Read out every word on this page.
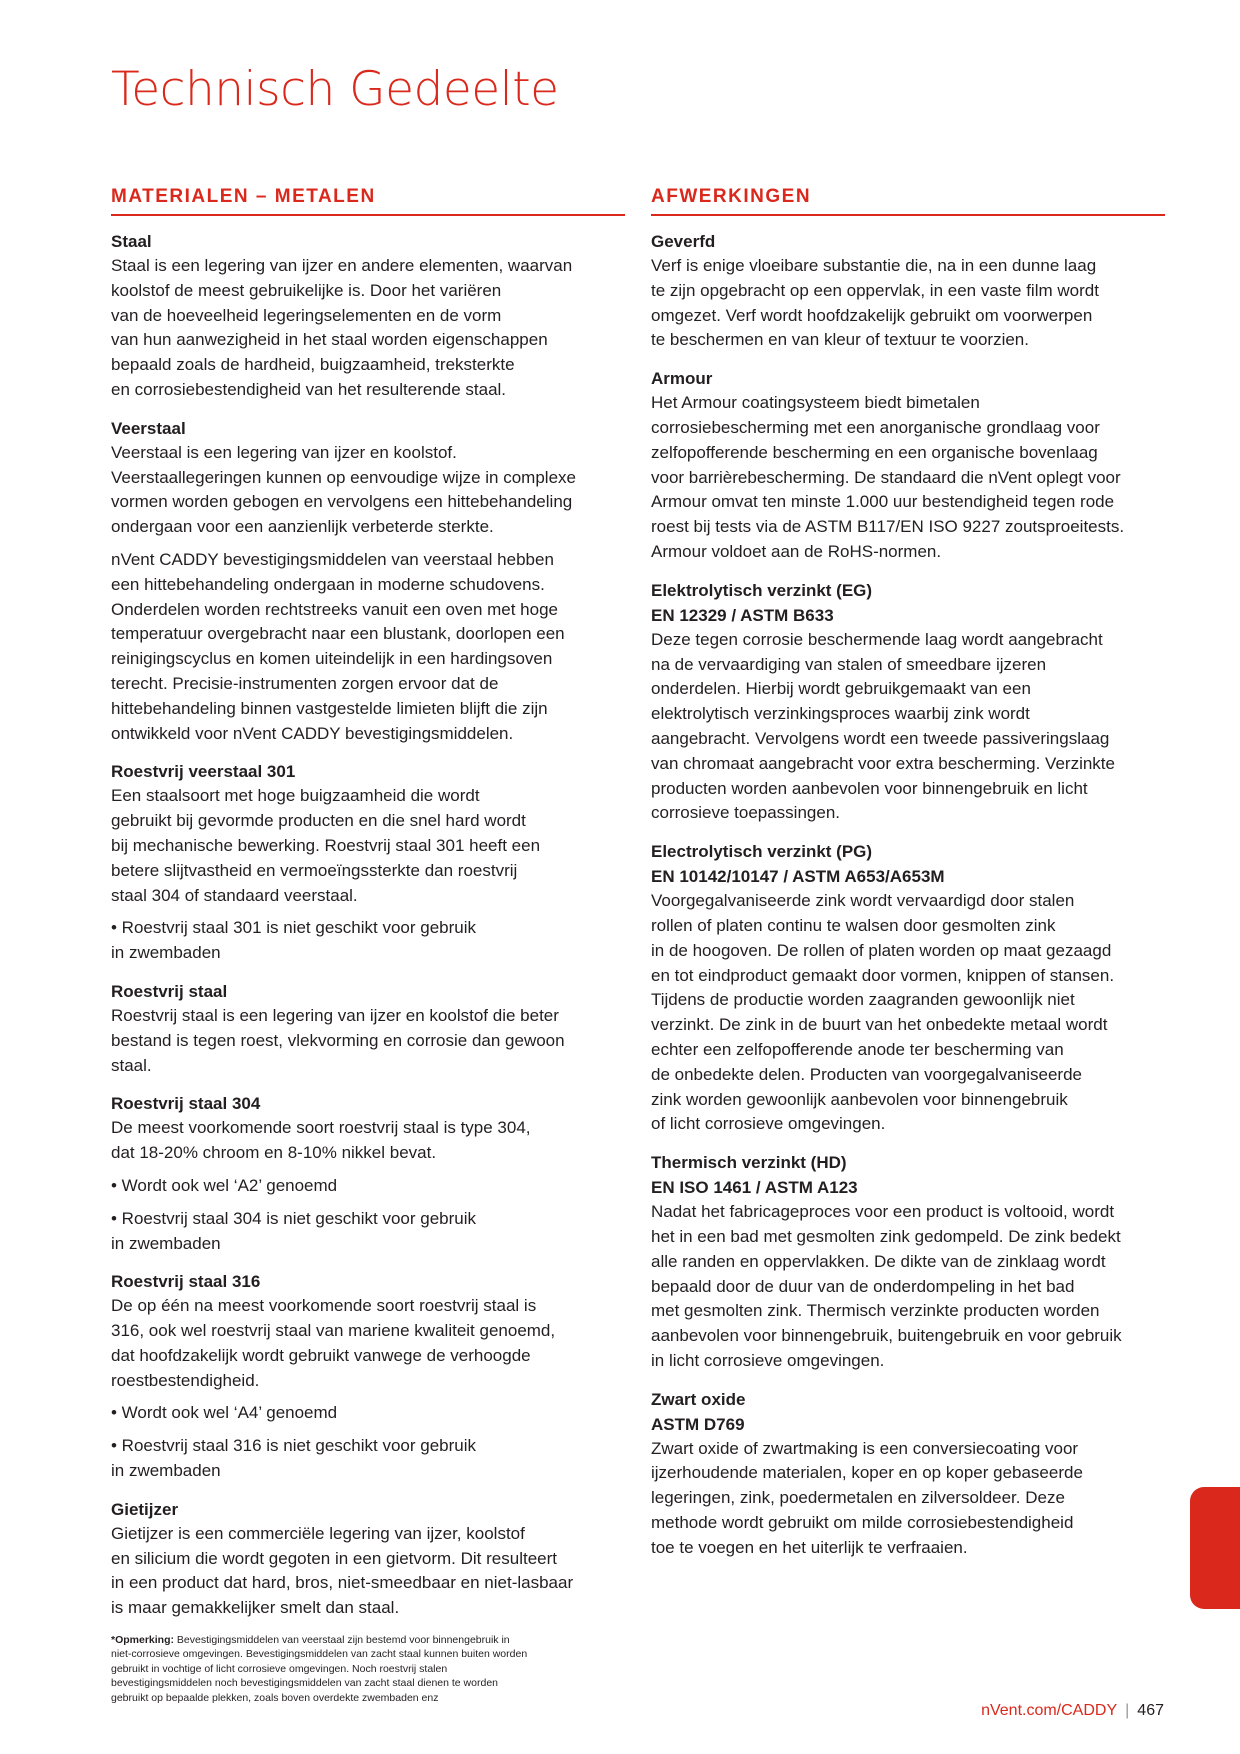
Technisch Gedeelte
MATERIALEN – METALEN
Staal

Staal is een legering van ijzer en andere elementen, waarvan
koolstof de meest gebruikelijke is. Door het variëren
van de hoeveelheid legeringselementen en de vorm
van hun aanwezigheid in het staal worden eigenschappen
bepaald zoals de hardheid, buigzaamheid, treksterkte
en corrosiebestendigheid van het resulterende staal.

Veerstaal

Veerstaal is een legering van ijzer en koolstof.
Veerstaallegeringen kunnen op eenvoudige wijze in complexe
vormen worden gebogen en vervolgens een hittebehandeling
ondergaan voor een aanzienlijk verbeterde sterkte.

nVent CADDY bevestigingsmiddelen van veerstaal hebben
een hittebehandeling ondergaan in moderne schudovens.
Onderdelen worden rechtstreeks vanuit een oven met hoge
temperatuur overgebracht naar een blustank, doorlopen een
reinigingscyclus en komen uiteindelijk in een hardingsoven
terecht. Precisie-instrumenten zorgen ervoor dat de
hittebehandeling binnen vastgestelde limieten blijft die zijn
ontwikkeld voor nVent CADDY bevestigingsmiddelen.

Roestvrij veerstaal 301

Een staalsoort met hoge buigzaamheid die wordt
gebruikt bij gevormde producten en die snel hard wordt
bij mechanische bewerking. Roestvrij staal 301 heeft een
betere slijtvastheid en vermoeïngssterkte dan roestvrij
staal 304 of standaard veerstaal.

• Roestvrij staal 301 is niet geschikt voor gebruik
in zwembaden
Roestvrij staal

Roestvrij staal is een legering van ijzer en koolstof die beter
bestand is tegen roest, vlekvorming en corrosie dan gewoon
staal.

Roestvrij staal 304

De meest voorkomende soort roestvrij staal is type 304,
dat 18-20% chroom en 8-10% nikkel bevat.

• Wordt ook wel ‘A2’ genoemd
• Roestvrij staal 304 is niet geschikt voor gebruik
in zwembaden
Roestvrij staal 316

De op één na meest voorkomende soort roestvrij staal is
316, ook wel roestvrij staal van mariene kwaliteit genoemd,
dat hoofdzakelijk wordt gebruikt vanwege de verhoogde
roestbestendigheid.

• Wordt ook wel ‘A4’ genoemd
• Roestvrij staal 316 is niet geschikt voor gebruik
in zwembaden
Gietijzer

Gietijzer is een commerciële legering van ijzer, koolstof
en silicium die wordt gegoten in een gietvorm. Dit resulteert
in een product dat hard, bros, niet-smeedbaar en niet-lasbaar
is maar gemakkelijker smelt dan staal.

*Opmerking: Bevestigingsmiddelen van veerstaal zijn bestemd voor binnengebruik in
niet-corrosieve omgevingen. Bevestigingsmiddelen van zacht staal kunnen buiten worden
gebruikt in vochtige of licht corrosieve omgevingen. Noch roestvrij stalen
bevestigingsmiddelen noch bevestigingsmiddelen van zacht staal dienen te worden
gebruikt op bepaalde plekken, zoals boven overdekte zwembaden enz
AFWERKINGEN
Geverfd

Verf is enige vloeibare substantie die, na in een dunne laag
te zijn opgebracht op een oppervlak, in een vaste film wordt
omgezet. Verf wordt hoofdzakelijk gebruikt om voorwerpen
te beschermen en van kleur of textuur te voorzien.

Armour

Het Armour coatingsysteem biedt bimetalen
corrosiebescherming met een anorganische grondlaag voor
zelfopofferende bescherming en een organische bovenlaag
voor barrièrebescherming. De standaard die nVent oplegt voor
Armour omvat ten minste 1.000 uur bestendigheid tegen rode
roest bij tests via de ASTM B117/EN ISO 9227 zoutsproeitests.
Armour voldoet aan de RoHS-normen.

Elektrolytisch verzinkt (EG)
EN 12329 / ASTM B633

Deze tegen corrosie beschermende laag wordt aangebracht
na de vervaardiging van stalen of smeedbare ijzeren
onderdelen. Hierbij wordt gebruikgemaakt van een
elektrolytisch verzinkingsproces waarbij zink wordt
aangebracht. Vervolgens wordt een tweede passiveringslaag
van chromaat aangebracht voor extra bescherming. Verzinkte
producten worden aanbevolen voor binnengebruik en licht
corrosieve toepassingen.

Electrolytisch verzinkt (PG)
EN 10142/10147 / ASTM A653/A653M

Voorgegalvaniseerde zink wordt vervaardigd door stalen
rollen of platen continu te walsen door gesmolten zink
in de hoogoven. De rollen of platen worden op maat gezaagd
en tot eindproduct gemaakt door vormen, knippen of stansen.
Tijdens de productie worden zaagranden gewoonlijk niet
verzinkt. De zink in de buurt van het onbedekte metaal wordt
echter een zelfopofferende anode ter bescherming van
de onbedekte delen. Producten van voorgegalvaniseerde
zink worden gewoonlijk aanbevolen voor binnengebruik
of licht corrosieve omgevingen.

Thermisch verzinkt (HD)
EN ISO 1461 / ASTM A123

Nadat het fabricageproces voor een product is voltooid, wordt
het in een bad met gesmolten zink gedompeld. De zink bedekt
alle randen en oppervlakken. De dikte van de zinklaag wordt
bepaald door de duur van de onderdompeling in het bad
met gesmolten zink. Thermisch verzinkte producten worden
aanbevolen voor binnengebruik, buitengebruik en voor gebruik
in licht corrosieve omgevingen.

Zwart oxide
ASTM D769

Zwart oxide of zwartmaking is een conversiecoating voor
ijzerhoudende materialen, koper en op koper gebaseerde
legeringen, zink, poedermetalen en zilversoldeer. Deze
methode wordt gebruikt om milde corrosiebestendigheid
toe te voegen en het uiterlijk te verfraaien.

nVent.com/CADDY | 467
